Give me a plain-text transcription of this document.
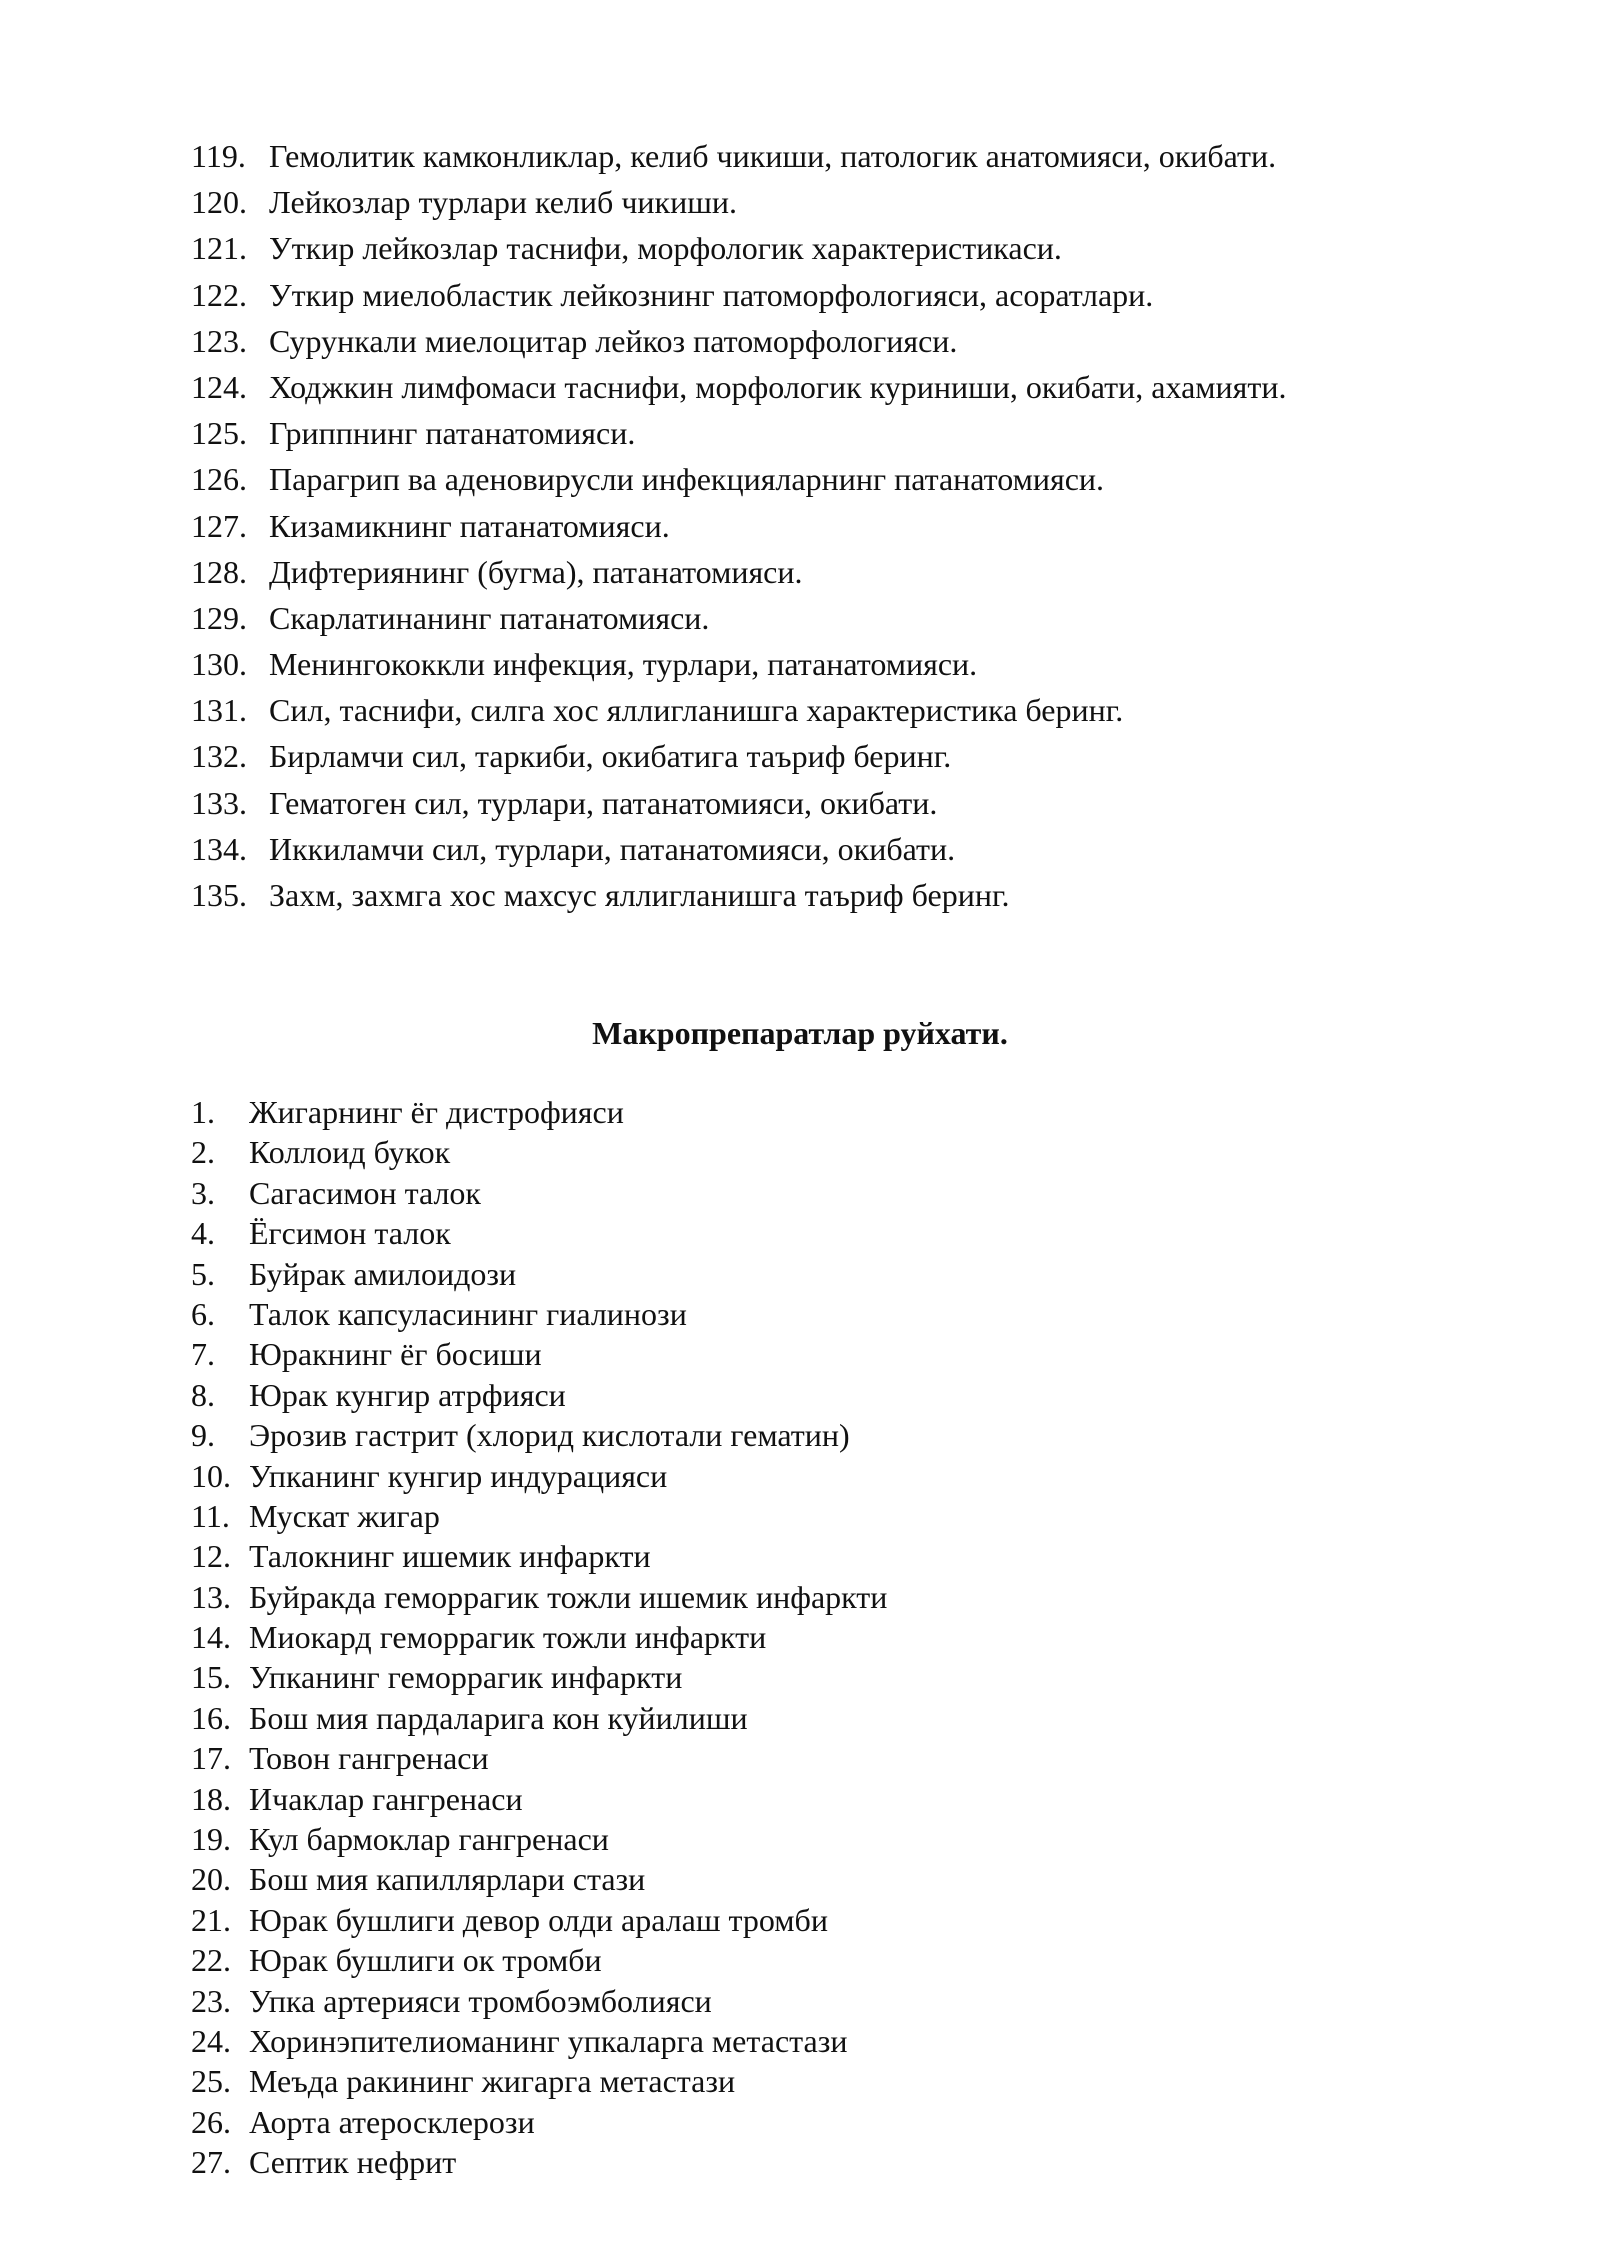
119. Гемолитик камконликлар, келиб чикиши, патологик анатомияси, окибати.
120. Лейкозлар турлари келиб чикиши.
121. Уткир лейкозлар таснифи, морфологик характеристикаси.
122. Уткир миелобластик лейкознинг патоморфологияси, асоратлари.
123. Сурункали миелоцитар лейкоз патоморфологияси.
124. Ходжкин лимфомаси таснифи, морфологик куриниши, окибати, ахамияти.
125. Гриппнинг патанатомияси.
126. Парагрип ва аденовирусли инфекцияларнинг патанатомияси.
127. Кизамикнинг патанатомияси.
128. Дифтериянинг (бугма), патанатомияси.
129. Скарлатинанинг патанатомияси.
130. Менингококкли инфекция, турлари, патанатомияси.
131. Сил, таснифи, силга хос яллигланишга характеристика беринг.
132. Бирламчи сил, таркиби, окибатига таъриф беринг.
133. Гематоген сил, турлари, патанатомияси, окибати.
134. Иккиламчи сил, турлари, патанатомияси, окибати.
135. Захм, захмга хос махсус яллигланишга таъриф беринг.
Макропрепаратлар руйхати.
1.	Жигарнинг ёг дистрофияси
2.	Коллоид букок
3.	Сагасимон талок
4.	Ёгсимон талок
5.	Буйрак амилоидози
6.	Талок капсуласининг гиалинози
7.	Юракнинг ёг босиши
8.	Юрак кунгир атрфияси
9.	Эрозив гастрит (хлорид кислотали гематин)
10. Упканинг кунгир индурацияси
11. Мускат жигар
12. Талокнинг ишемик инфаркти
13. Буйракда геморрагик тожли ишемик инфаркти
14. Миокард геморрагик тожли инфаркти
15. Упканинг геморрагик инфаркти
16. Бош мия пардаларига кон куйилиши
17. Товон гангренаси
18. Ичаклар гангренаси
19. Кул бармоклар гангренаси
20. Бош мия капиллярлари стази
21. Юрак бушлиги девор олди аралаш тромби
22. Юрак бушлиги ок тромби
23. Упка артерияси тромбоэмболияси
24. Хоринэпителиоманинг упкаларга метастази
25. Меъда ракининг жигарга метастази
26. Аорта атеросклерози
27. Септик нефрит
